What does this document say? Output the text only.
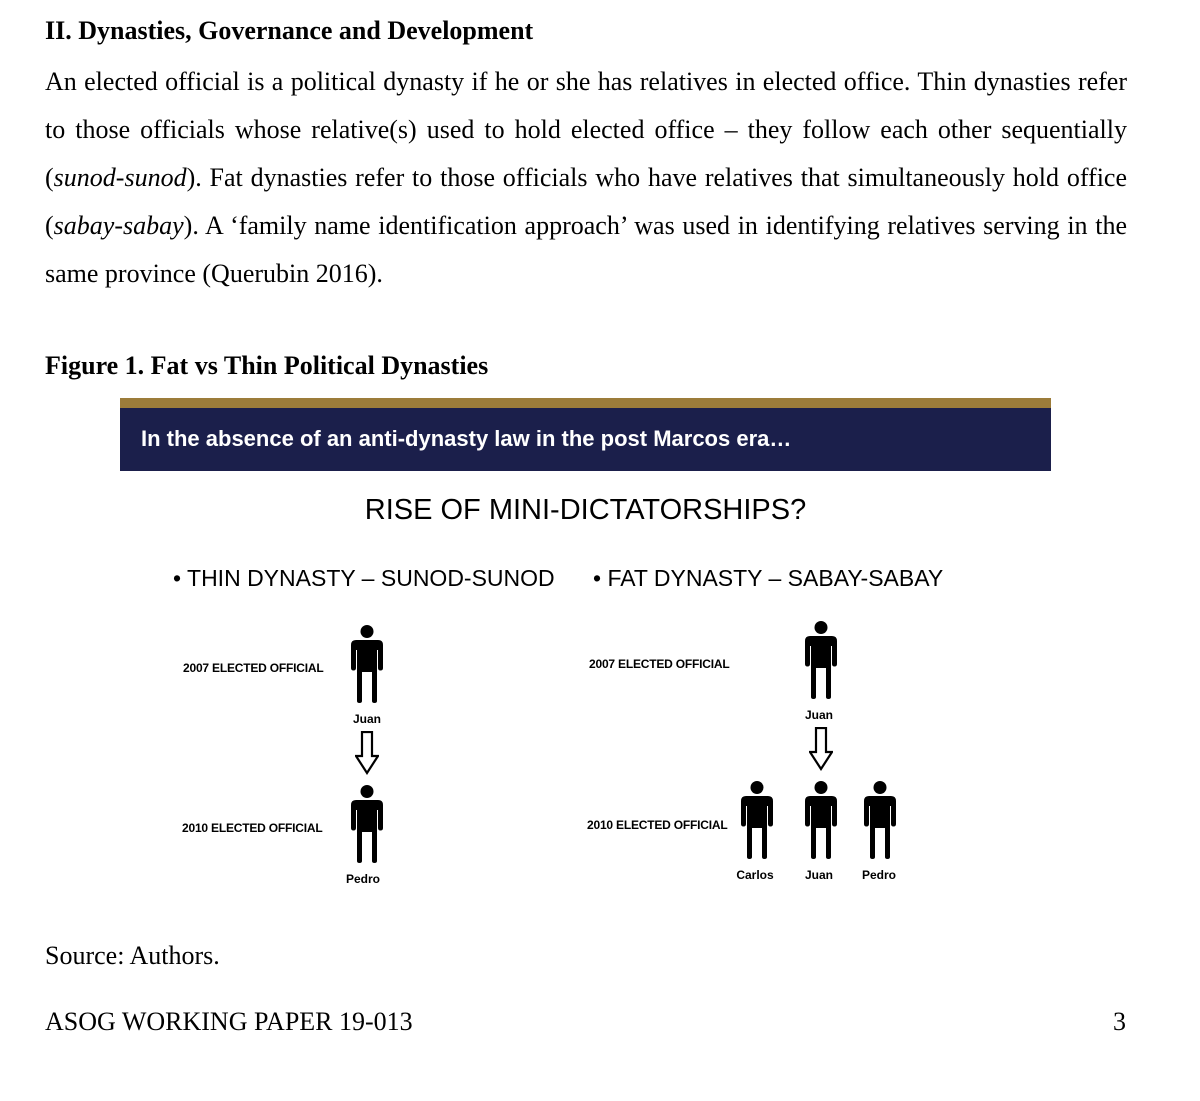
II. Dynasties, Governance and Development

An elected official is a political dynasty if he or she has relatives in elected office. Thin dynasties refer to those officials whose relative(s) used to hold elected office – they follow each other sequentially (sunod-sunod). Fat dynasties refer to those officials who have relatives that simultaneously hold office (sabay-sabay). A ‘family name identification approach’ was used in identifying relatives serving in the same province (Querubin 2016).

Figure 1. Fat vs Thin Political Dynasties
In the absence of an anti-dynasty law in the post Marcos era…
RISE OF MINI-DICTATORSHIPS?
• THIN DYNASTY – SUNOD-SUNOD • FAT DYNASTY – SABAY-SABAY
2007 ELECTED OFFICIAL
Juan
2010 ELECTED OFFICIAL
Pedro
2007 ELECTED OFFICIAL
Juan
2010 ELECTED OFFICIAL
Carlos	Juan	Pedro
Source: Authors.
ASOG WORKING PAPER 19-013	3
